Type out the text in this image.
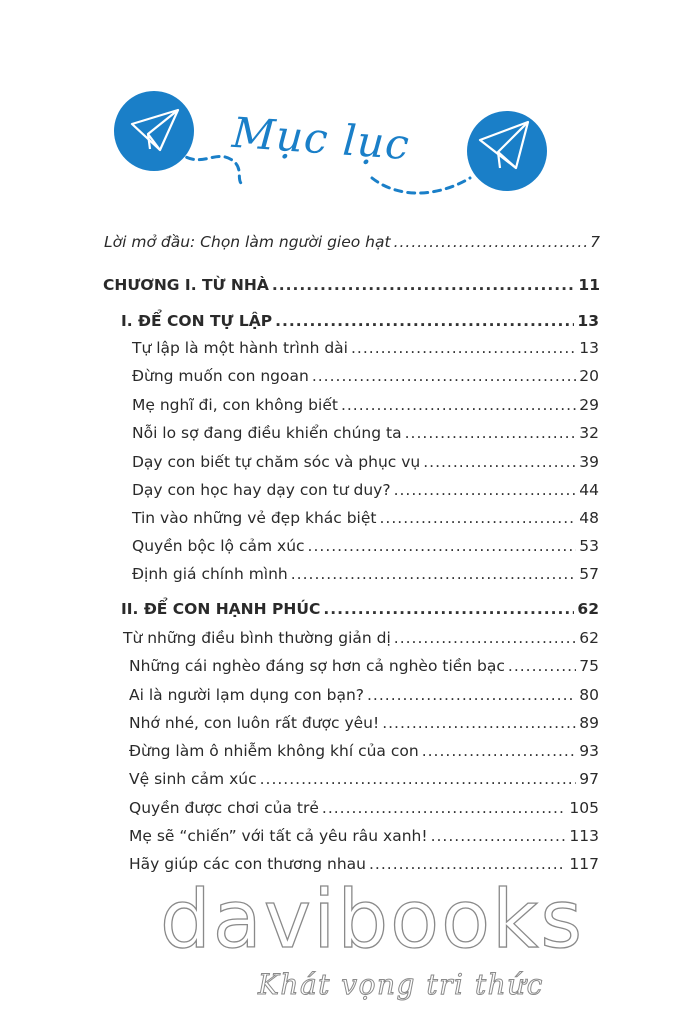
Mục lục
Lời mở đầu: Chọn làm người gieo hạt .....	7
CHƯƠNG I. TỪ NHÀ .....	11
I. ĐỂ CON TỰ LẬP .....	13
Tự lập là một hành trình dài .....	13
Đừng muốn con ngoan .....	20
Mẹ nghĩ đi, con không biết .....	29
Nỗi lo sợ đang điều khiển chúng ta .....	32
Dạy con biết tự chăm sóc và phục vụ .....	39
Dạy con học hay dạy con tư duy? .....	44
Tin vào những vẻ đẹp khác biệt .....	48
Quyền bộc lộ cảm xúc .....	53
Định giá chính mình .....	57
II. ĐỂ CON HẠNH PHÚC .....	62
Từ những điều bình thường giản dị .....	62
Những cái nghèo đáng sợ hơn cả nghèo tiền bạc .....	75
Ai là người lạm dụng con bạn? .....	80
Nhớ nhé, con luôn rất được yêu! .....	89
Đừng làm ô nhiễm không khí của con .....	93
Vệ sinh cảm xúc .....	97
Quyền được chơi của trẻ .....	105
Mẹ sẽ “chiến” với tất cả yêu râu xanh! .....	113
Hãy giúp các con thương nhau .....	117
davibooks
Khát vọng tri thức
